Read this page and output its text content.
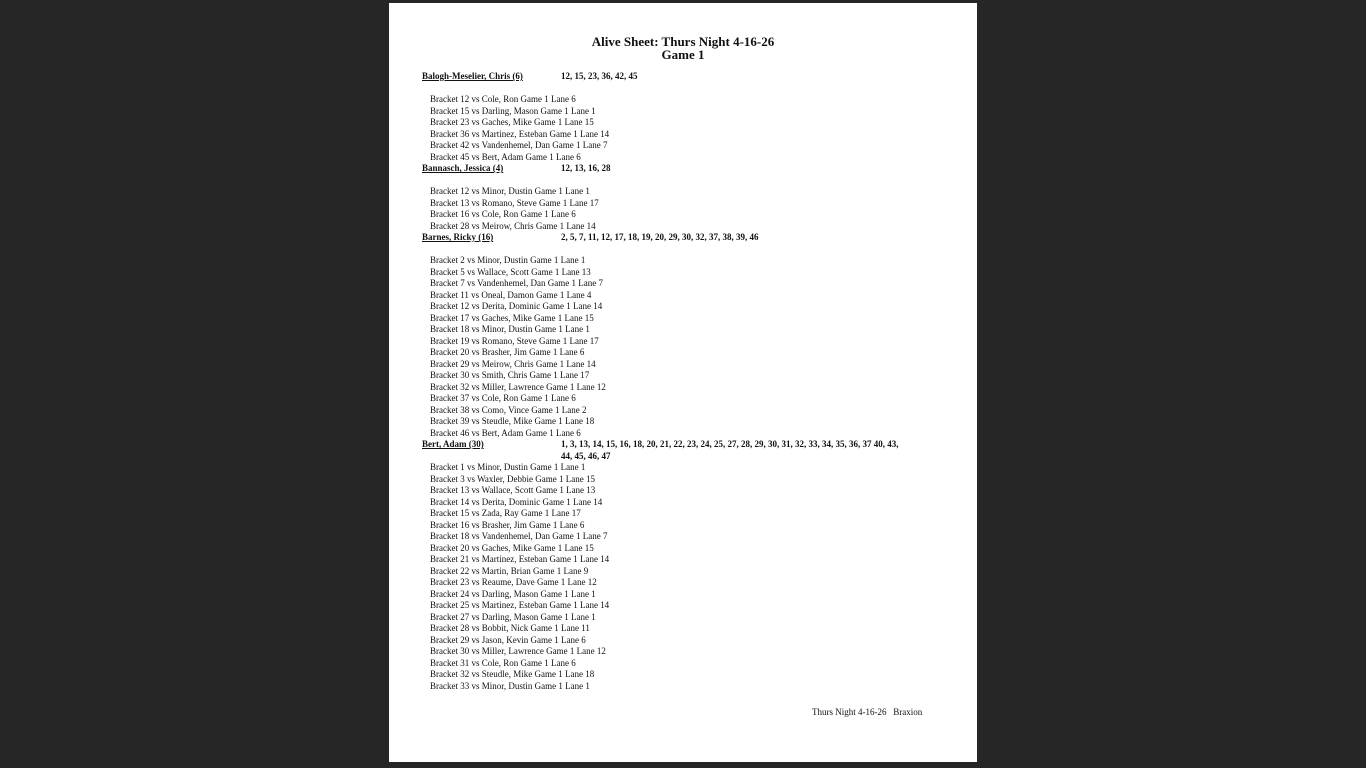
Alive Sheet: Thurs Night 4-16-26
Game 1
Balogh-Meselier, Chris (6)	12, 15, 23, 36, 42, 45
Bracket 12 vs Cole, Ron Game 1 Lane 6
Bracket 15 vs Darling, Mason Game 1 Lane 1
Bracket 23 vs Gaches, Mike Game 1 Lane 15
Bracket 36 vs Martinez, Esteban Game 1 Lane 14
Bracket 42 vs Vandenhemel, Dan Game 1 Lane 7
Bracket 45 vs Bert, Adam Game 1 Lane 6
Bannasch, Jessica (4)	12, 13, 16, 28
Bracket 12 vs Minor, Dustin Game 1 Lane 1
Bracket 13 vs Romano, Steve Game 1 Lane 17
Bracket 16 vs Cole, Ron Game 1 Lane 6
Bracket 28 vs Meirow, Chris Game 1 Lane 14
Barnes, Ricky (16)	2, 5, 7, 11, 12, 17, 18, 19, 20, 29, 30, 32, 37, 38, 39, 46
Bracket 2 vs Minor, Dustin Game 1 Lane 1
Bracket 5 vs Wallace, Scott Game 1 Lane 13
Bracket 7 vs Vandenhemel, Dan Game 1 Lane 7
Bracket 11 vs Oneal, Damon Game 1 Lane 4
Bracket 12 vs Derita, Dominic Game 1 Lane 14
Bracket 17 vs Gaches, Mike Game 1 Lane 15
Bracket 18 vs Minor, Dustin Game 1 Lane 1
Bracket 19 vs Romano, Steve Game 1 Lane 17
Bracket 20 vs Brasher, Jim Game 1 Lane 6
Bracket 29 vs Meirow, Chris Game 1 Lane 14
Bracket 30 vs Smith, Chris Game 1 Lane 17
Bracket 32 vs Miller, Lawrence Game 1 Lane 12
Bracket 37 vs Cole, Ron Game 1 Lane 6
Bracket 38 vs Como, Vince Game 1 Lane 2
Bracket 39 vs Steudle, Mike Game 1 Lane 18
Bracket 46 vs Bert, Adam Game 1 Lane 6
Bert, Adam (30)	1, 3, 13, 14, 15, 16, 18, 20, 21, 22, 23, 24, 25, 27, 28, 29, 30, 31, 32, 33, 34, 35, 36, 37 40, 43, 44, 45, 46, 47
Bracket 1 vs Minor, Dustin Game 1 Lane 1
Bracket 3 vs Waxler, Debbie Game 1 Lane 15
Bracket 13 vs Wallace, Scott Game 1 Lane 13
Bracket 14 vs Derita, Dominic Game 1 Lane 14
Bracket 15 vs Zada, Ray Game 1 Lane 17
Bracket 16 vs Brasher, Jim Game 1 Lane 6
Bracket 18 vs Vandenhemel, Dan Game 1 Lane 7
Bracket 20 vs Gaches, Mike Game 1 Lane 15
Bracket 21 vs Martinez, Esteban Game 1 Lane 14
Bracket 22 vs Martin, Brian Game 1 Lane 9
Bracket 23 vs Reaume, Dave Game 1 Lane 12
Bracket 24 vs Darling, Mason Game 1 Lane 1
Bracket 25 vs Martinez, Esteban Game 1 Lane 14
Bracket 27 vs Darling, Mason Game 1 Lane 1
Bracket 28 vs Bobbit, Nick Game 1 Lane 11
Bracket 29 vs Jason, Kevin Game 1 Lane 6
Bracket 30 vs Miller, Lawrence Game 1 Lane 12
Bracket 31 vs Cole, Ron Game 1 Lane 6
Bracket 32 vs Steudle, Mike Game 1 Lane 18
Bracket 33 vs Minor, Dustin Game 1 Lane 1
Thurs Night 4-16-26   Braxion
